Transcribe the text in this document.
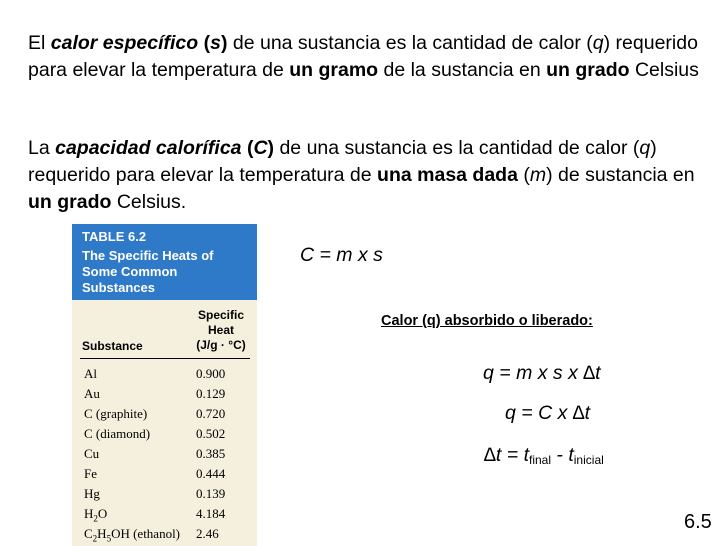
El calor específico (s) de una sustancia es la cantidad de calor (q) requerido para elevar la temperatura de un gramo de la sustancia en un grado Celsius
La capacidad calorífica (C) de una sustancia es la cantidad de calor (q) requerido para elevar la temperatura de una masa dada (m) de sustancia en un grado Celsius.
TABLE 6.2
The Specific Heats of Some Common Substances
Specific
Heat
(J/g · °C)
Substance
Al	0.900
Au	0.129
C (graphite)	0.720
C (diamond)	0.502
Cu	0.385
Fe	0.444
Hg	0.139
$H_2O$	4.184
$C_2H_5OH$ (ethanol) 2.46
C = m x s
Calor (q) absorbido o liberado:
q = m x s x ∆t
q = C x ∆t
$\Delta t = t_{final} - t_{inicial}$
6.5
